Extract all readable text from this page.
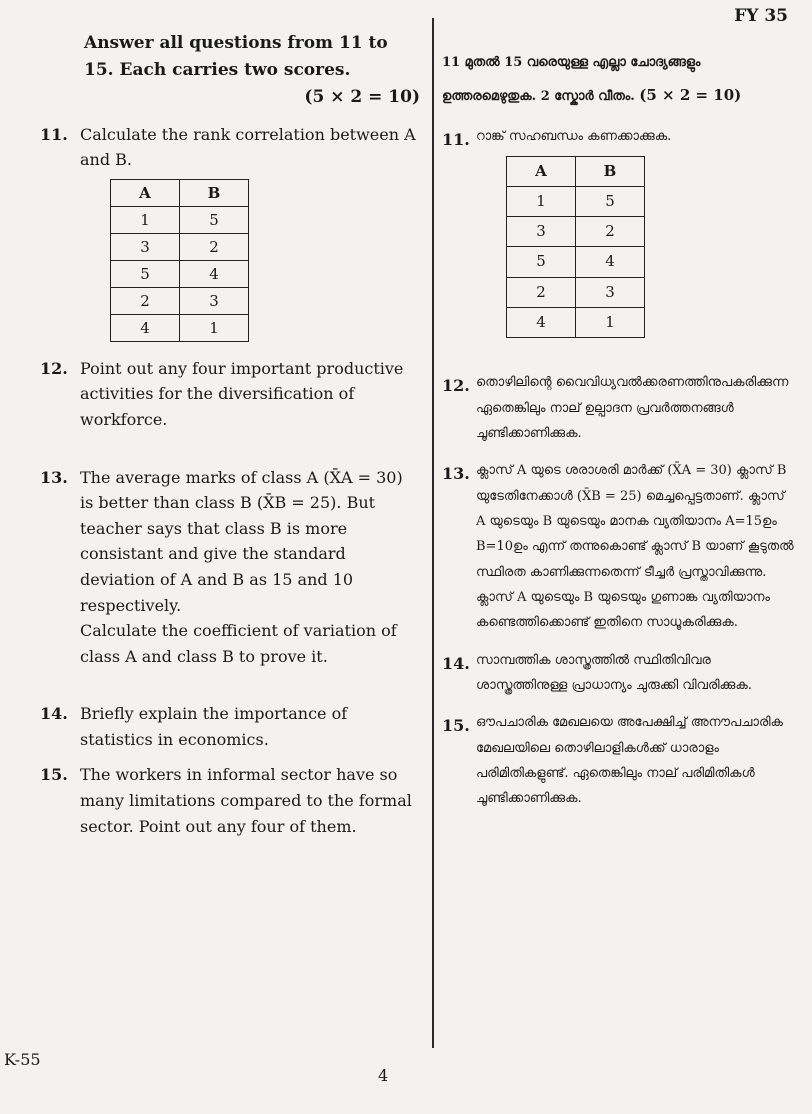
FY 35
Answer all questions from 11 to 15. Each carries two scores.
(5 × 2 = 10)
11. Calculate the rank correlation between A and B.
A	B
1	5
3	2
5	4
2	3
4	1
12. Point out any four important productive activities for the diversification of workforce.
13. The average marks of class A (X̄A = 30) is better than class B (X̄B = 25). But teacher says that class B is more consistant and give the standard deviation of A and B as 15 and 10 respectively.
Calculate the coefficient of variation of class A and class B to prove it.
14. Briefly explain the importance of statistics in economics.
15. The workers in informal sector have so many limitations compared to the formal sector. Point out any four of them.
11 മുതൽ 15 വരെയുള്ള എല്ലാ ചോദ്യങ്ങളും ഉത്തരമെഴുതുക. 2 സ്കോർ വീതം. (5 × 2 = 10)
11. റാങ്ക് സഹബന്ധം കണക്കാക്കുക.
A	B
1	5
3	2
5	4
2	3
4	1
12. തൊഴിലിന്റെ വൈവിധ്യവൽക്കരണത്തിനുപകരിക്കുന്ന ഏതെങ്കിലും നാല് ഉല്പാദന പ്രവർത്തനങ്ങൾ ചൂണ്ടിക്കാണിക്കുക.
13. ക്ലാസ് A യുടെ ശരാശരി മാർക്ക് (X̄A = 30) ക്ലാസ് B യുടേതിനേക്കാൾ (X̄B = 25) മെച്ചപ്പെട്ടതാണ്. ക്ലാസ് A യുടെയും B യുടെയും മാനക വ്യതിയാനം A=15ഉം B=10ഉം എന്ന് തന്നുകൊണ്ട് ക്ലാസ് B യാണ് കൂടുതൽ സ്ഥിരത കാണിക്കുന്നതെന്ന് ടീച്ചർ പ്രസ്താവിക്കുന്നു.
ക്ലാസ് A യുടെയും B യുടെയും ഗുണാങ്ക വ്യതിയാനം കണ്ടെത്തിക്കൊണ്ട് ഇതിനെ സാധൂകരിക്കുക.
14. സാമ്പത്തിക ശാസ്ത്രത്തിൽ സ്ഥിതിവിവര ശാസ്ത്രത്തിനുള്ള പ്രാധാന്യം ചുരുക്കി വിവരിക്കുക.
15. ഔപചാരിക മേഖലയെ അപേക്ഷിച്ച് അനൗപചാരിക മേഖലയിലെ തൊഴിലാളികൾക്ക് ധാരാളം പരിമിതികളുണ്ട്. ഏതെങ്കിലും നാല് പരിമിതികൾ ചൂണ്ടിക്കാണിക്കുക.
K-55
4
